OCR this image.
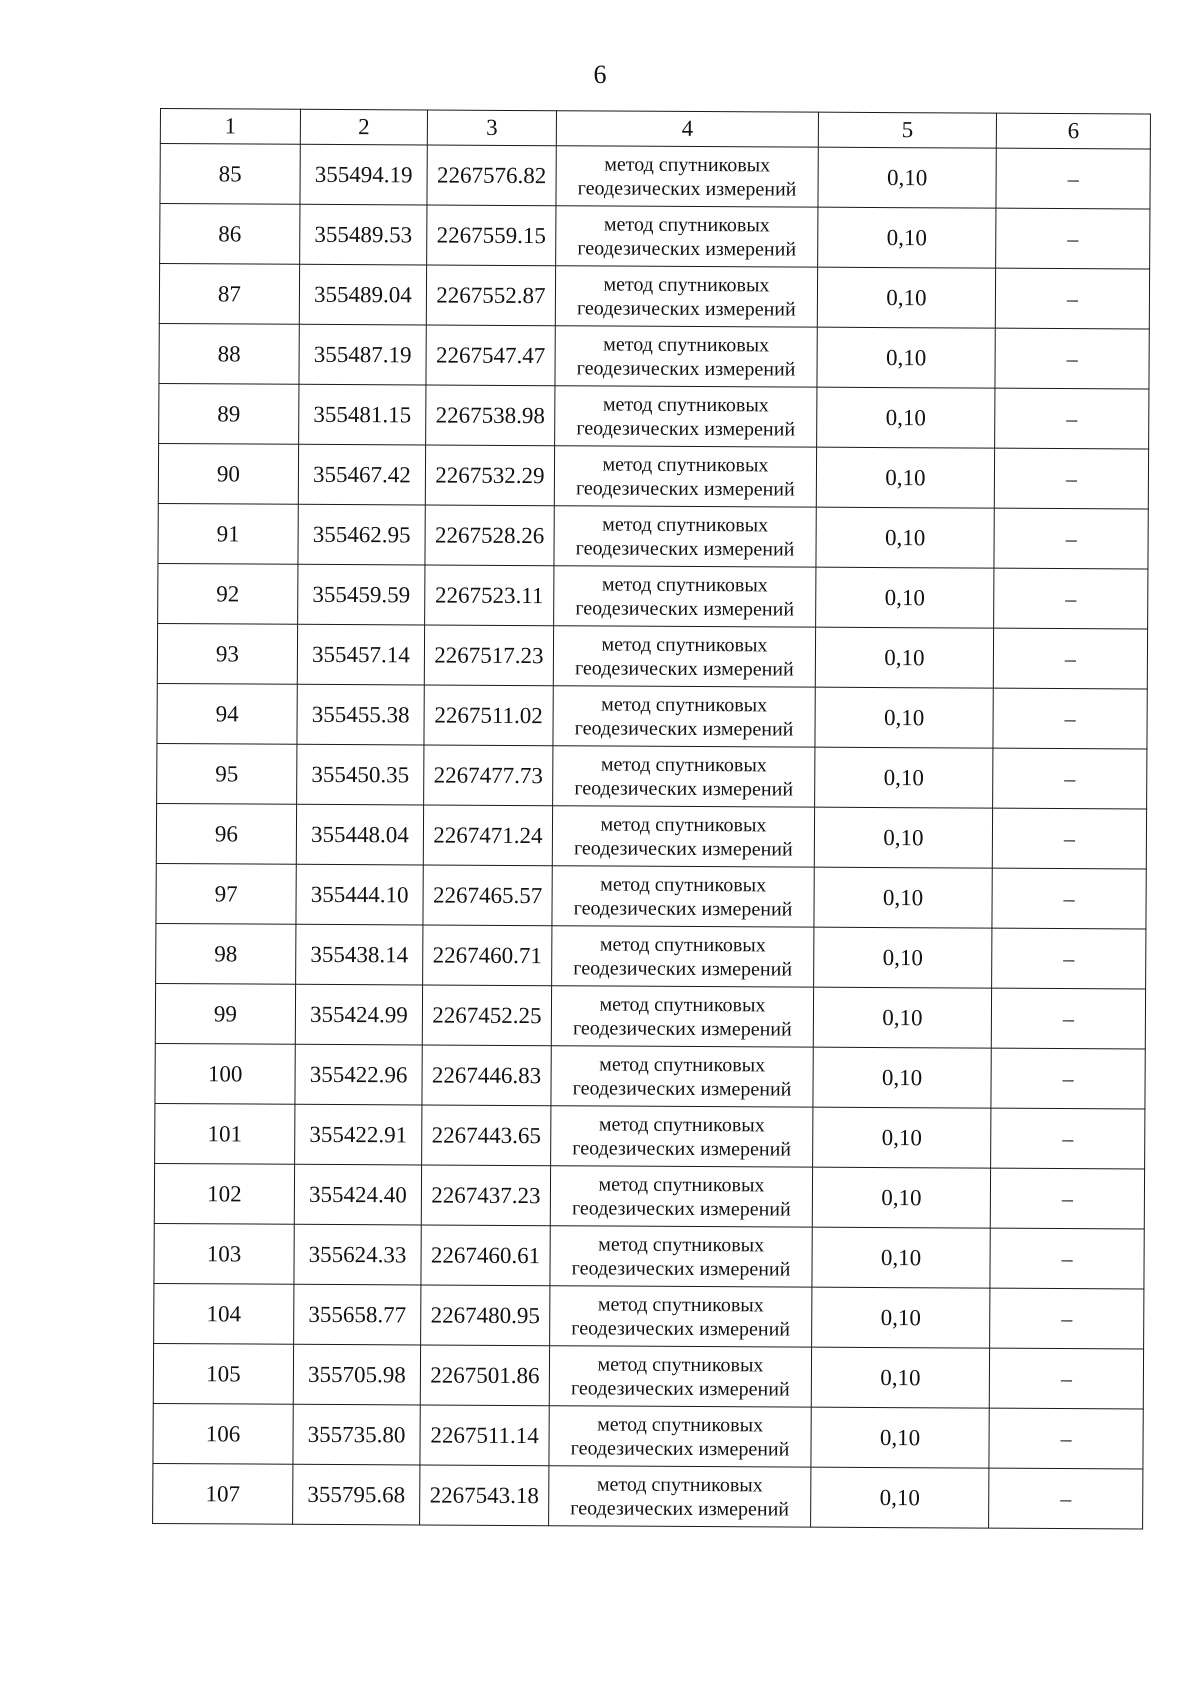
6
1	2	3	4	5	6
85	355494.19	2267576.82	метод спутниковых
геодезических измерений	0,10	–
86	355489.53	2267559.15	метод спутниковых
геодезических измерений	0,10	–
87	355489.04	2267552.87	метод спутниковых
геодезических измерений	0,10	–
88	355487.19	2267547.47	метод спутниковых
геодезических измерений	0,10	–
89	355481.15	2267538.98	метод спутниковых
геодезических измерений	0,10	–
90	355467.42	2267532.29	метод спутниковых
геодезических измерений	0,10	–
91	355462.95	2267528.26	метод спутниковых
геодезических измерений	0,10	–
92	355459.59	2267523.11	метод спутниковых
геодезических измерений	0,10	–
93	355457.14	2267517.23	метод спутниковых
геодезических измерений	0,10	–
94	355455.38	2267511.02	метод спутниковых
геодезических измерений	0,10	–
95	355450.35	2267477.73	метод спутниковых
геодезических измерений	0,10	–
96	355448.04	2267471.24	метод спутниковых
геодезических измерений	0,10	–
97	355444.10	2267465.57	метод спутниковых
геодезических измерений	0,10	–
98	355438.14	2267460.71	метод спутниковых
геодезических измерений	0,10	–
99	355424.99	2267452.25	метод спутниковых
геодезических измерений	0,10	–
100	355422.96	2267446.83	метод спутниковых
геодезических измерений	0,10	–
101	355422.91	2267443.65	метод спутниковых
геодезических измерений	0,10	–
102	355424.40	2267437.23	метод спутниковых
геодезических измерений	0,10	–
103	355624.33	2267460.61	метод спутниковых
геодезических измерений	0,10	–
104	355658.77	2267480.95	метод спутниковых
геодезических измерений	0,10	–
105	355705.98	2267501.86	метод спутниковых
геодезических измерений	0,10	–
106	355735.80	2267511.14	метод спутниковых
геодезических измерений	0,10	–
107	355795.68	2267543.18	метод спутниковых
геодезических измерений	0,10	–
